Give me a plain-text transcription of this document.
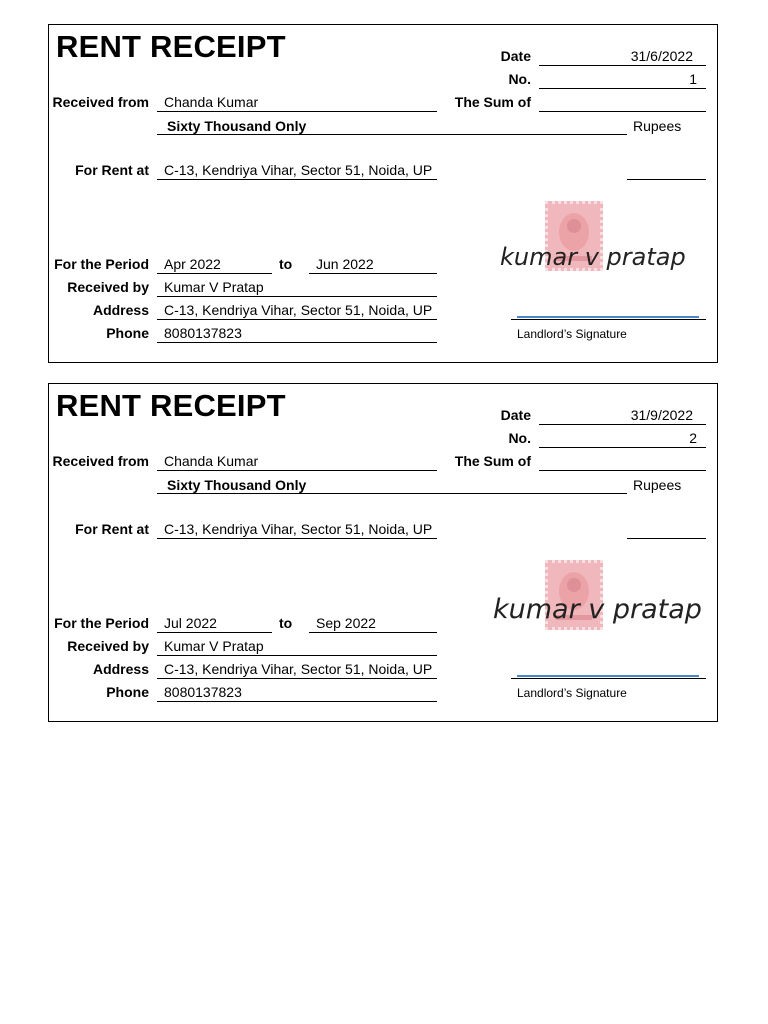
RENT RECEIPT	Date	31/6/2022
No.	1
Received from Chanda Kumar	The Sum of
Sixty Thousand Only	Rupees
For Rent at C-13, Kendriya Vihar, Sector 51, Noida, UP
kumar v pratap
For the Period Apr 2022	to Jun 2022
Received by Kumar V Pratap
Address C-13, Kendriya Vihar, Sector 51, Noida, UP
Phone 8080137823	Landlord’s Signature
RENT RECEIPT	Date	31/9/2022
No.	2
Received from Chanda Kumar	The Sum of
Sixty Thousand Only	Rupees
For Rent at C-13, Kendriya Vihar, Sector 51, Noida, UP
kumar v pratap
For the Period Jul 2022	to Sep 2022
Received by Kumar V Pratap
Address C-13, Kendriya Vihar, Sector 51, Noida, UP
Phone 8080137823	Landlord’s Signature
